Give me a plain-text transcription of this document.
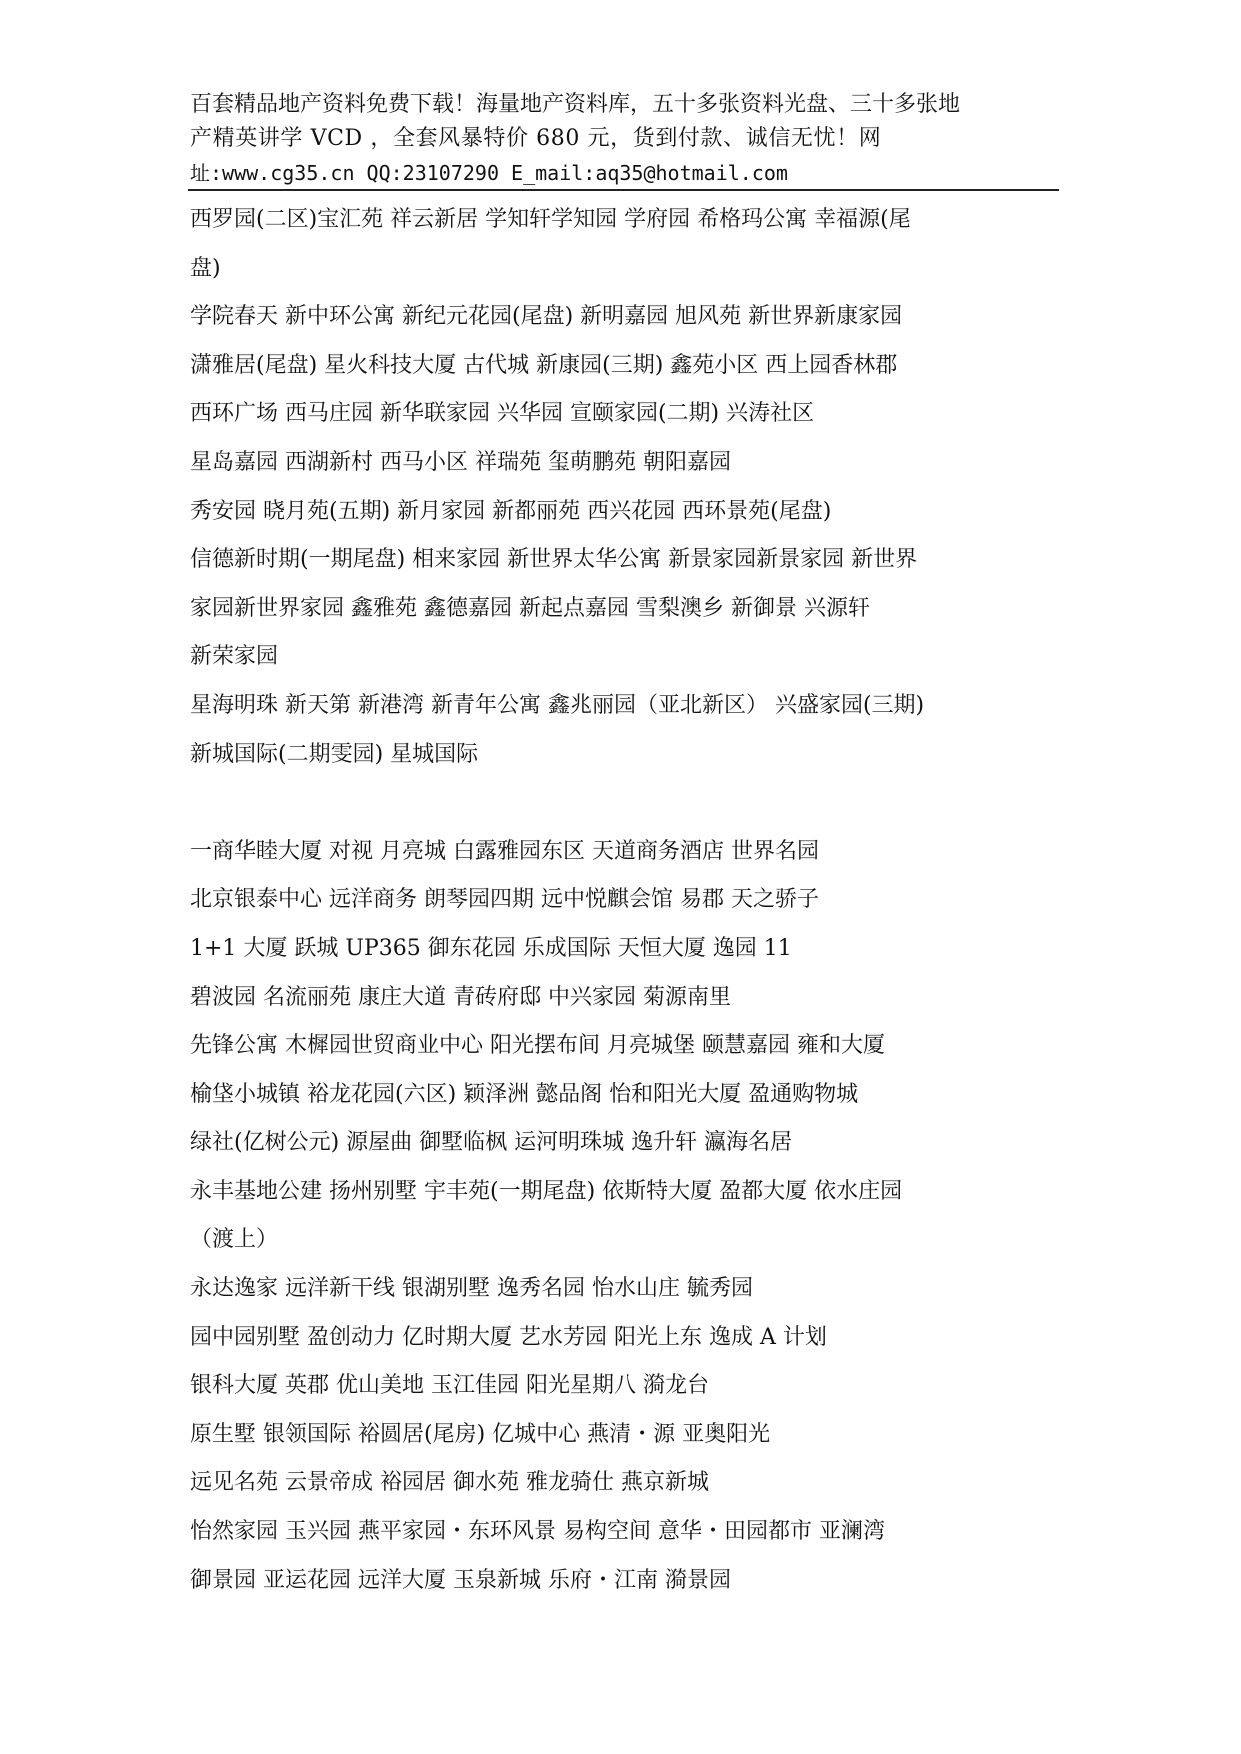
百套精品地产资料免费下载！海量地产资料库，五十多张资料光盘、三十多张地
产精英讲学 VCD ，全套风暴特价 680 元，货到付款、诚信无忧！网
址:www.cg35.cn QQ:23107290 E_mail:aq35@hotmail.com
西罗园(二区)宝汇苑 祥云新居 学知轩学知园 学府园 希格玛公寓 幸福源(尾
盘)
学院春天 新中环公寓 新纪元花园(尾盘) 新明嘉园 旭风苑 新世界新康家园
潇雅居(尾盘) 星火科技大厦 古代城 新康园(三期) 鑫苑小区 西上园香林郡
西环广场 西马庄园 新华联家园 兴华园 宣颐家园(二期) 兴涛社区
星岛嘉园 西湖新村 西马小区 祥瑞苑 玺萌鹏苑 朝阳嘉园
秀安园 晓月苑(五期) 新月家园 新都丽苑 西兴花园 西环景苑(尾盘)
信德新时期(一期尾盘) 相来家园 新世界太华公寓 新景家园新景家园 新世界
家园新世界家园 鑫雅苑 鑫德嘉园 新起点嘉园 雪梨澳乡 新御景 兴源轩
新荣家园
星海明珠 新天第 新港湾 新青年公寓 鑫兆丽园（亚北新区） 兴盛家园(三期)
新城国际(二期雯园) 星城国际
一商华睦大厦 对视 月亮城 白露雅园东区 天道商务酒店 世界名园
北京银泰中心 远洋商务 朗琴园四期 远中悦麒会馆 易郡 天之骄子
1+1 大厦 跃城 UP365 御东花园 乐成国际 天恒大厦 逸园 11
碧波园 名流丽苑 康庄大道 青砖府邸 中兴家园 菊源南里
先锋公寓 木樨园世贸商业中心 阳光摆布间 月亮城堡 颐慧嘉园 雍和大厦
榆垡小城镇 裕龙花园(六区) 颖泽洲 懿品阁 怡和阳光大厦 盈通购物城
绿社(亿树公元) 源屋曲 御墅临枫 运河明珠城 逸升轩 瀛海名居
永丰基地公建 扬州别墅 宇丰苑(一期尾盘) 依斯特大厦 盈都大厦 依水庄园
（渡上）
永达逸家 远洋新干线 银湖别墅 逸秀名园 怡水山庄 毓秀园
园中园别墅 盈创动力 亿时期大厦 艺水芳园 阳光上东 逸成 A 计划
银科大厦 英郡 优山美地 玉江佳园 阳光星期八 漪龙台
原生墅 银领国际 裕圆居(尾房) 亿城中心 燕清・源 亚奥阳光
远见名苑 云景帝成 裕园居 御水苑 雅龙骑仕 燕京新城
怡然家园 玉兴园 燕平家园・东环风景 易构空间 意华・田园都市 亚澜湾
御景园 亚运花园 远洋大厦 玉泉新城 乐府・江南 漪景园
